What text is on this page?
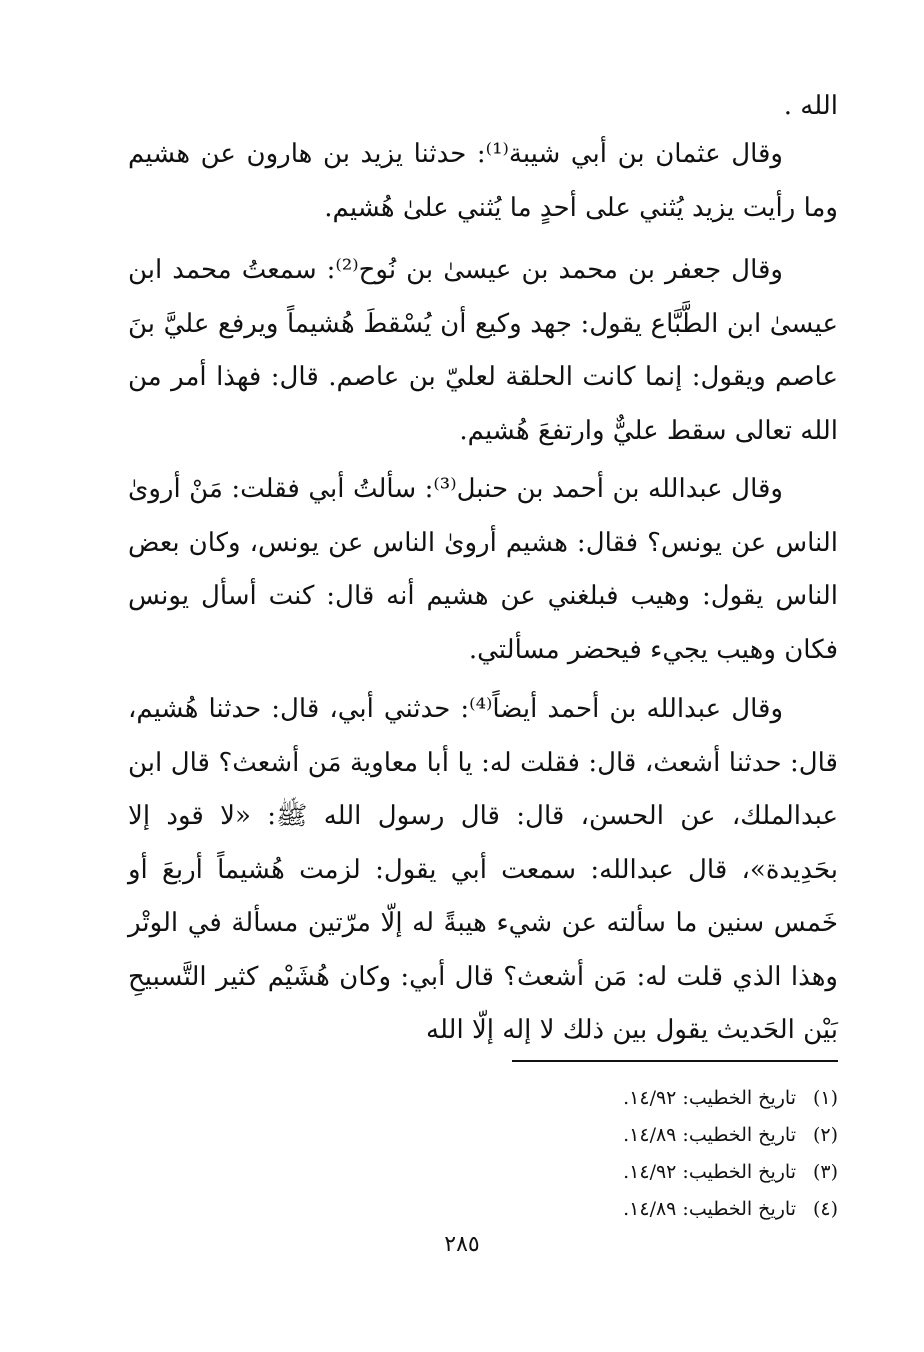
الله .
وقال عثمان بن أبي شيبة⁽¹⁾: حدثنا يزيد بن هارون عن هشيم وما رأيت يزيد يُثني على أحدٍ ما يُثني علىٰ هُشيم.
وقال جعفر بن محمد بن عيسىٰ بن نُوح⁽²⁾: سمعتُ محمد ابن عيسىٰ ابن الطَّبَّاع يقول: جهد وكيع أن يُسْقطَ هُشيماً ويرفع عليَّ بنَ عاصم ويقول: إنما كانت الحلقة لعليّ بن عاصم. قال: فهذا أمر من الله تعالى سقط عليٌّ وارتفعَ هُشيم.
وقال عبدالله بن أحمد بن حنبل⁽³⁾: سألتُ أبي فقلت: مَنْ أروىٰ الناس عن يونس؟ فقال: هشيم أروىٰ الناس عن يونس، وكان بعض الناس يقول: وهيب فبلغني عن هشيم أنه قال: كنت أسأل يونس فكان وهيب يجيء فيحضر مسألتي.
وقال عبدالله بن أحمد أيضاً⁽⁴⁾: حدثني أبي، قال: حدثنا هُشيم، قال: حدثنا أشعث، قال: فقلت له: يا أبا معاوية مَن أشعث؟ قال ابن عبدالملك، عن الحسن، قال: قال رسول الله ﷺ: «لا قود إلا بحَدِيدة»، قال عبدالله: سمعت أبي يقول: لزمت هُشيماً أربعَ أو خَمس سنين ما سألته عن شيء هيبةً له إلّا مرّتين مسألة في الوتْر وهذا الذي قلت له: مَن أشعث؟ قال أبي: وكان هُشَيْم كثير التَّسبيحِ بَيْن الحَديث يقول بين ذلك لا إله إلّا الله
(١)تاريخ الخطيب: ١٤/٩٢.
(٢)تاريخ الخطيب: ١٤/٨٩.
(٣)تاريخ الخطيب: ١٤/٩٢.
(٤)تاريخ الخطيب: ١٤/٨٩.
٢٨٥
